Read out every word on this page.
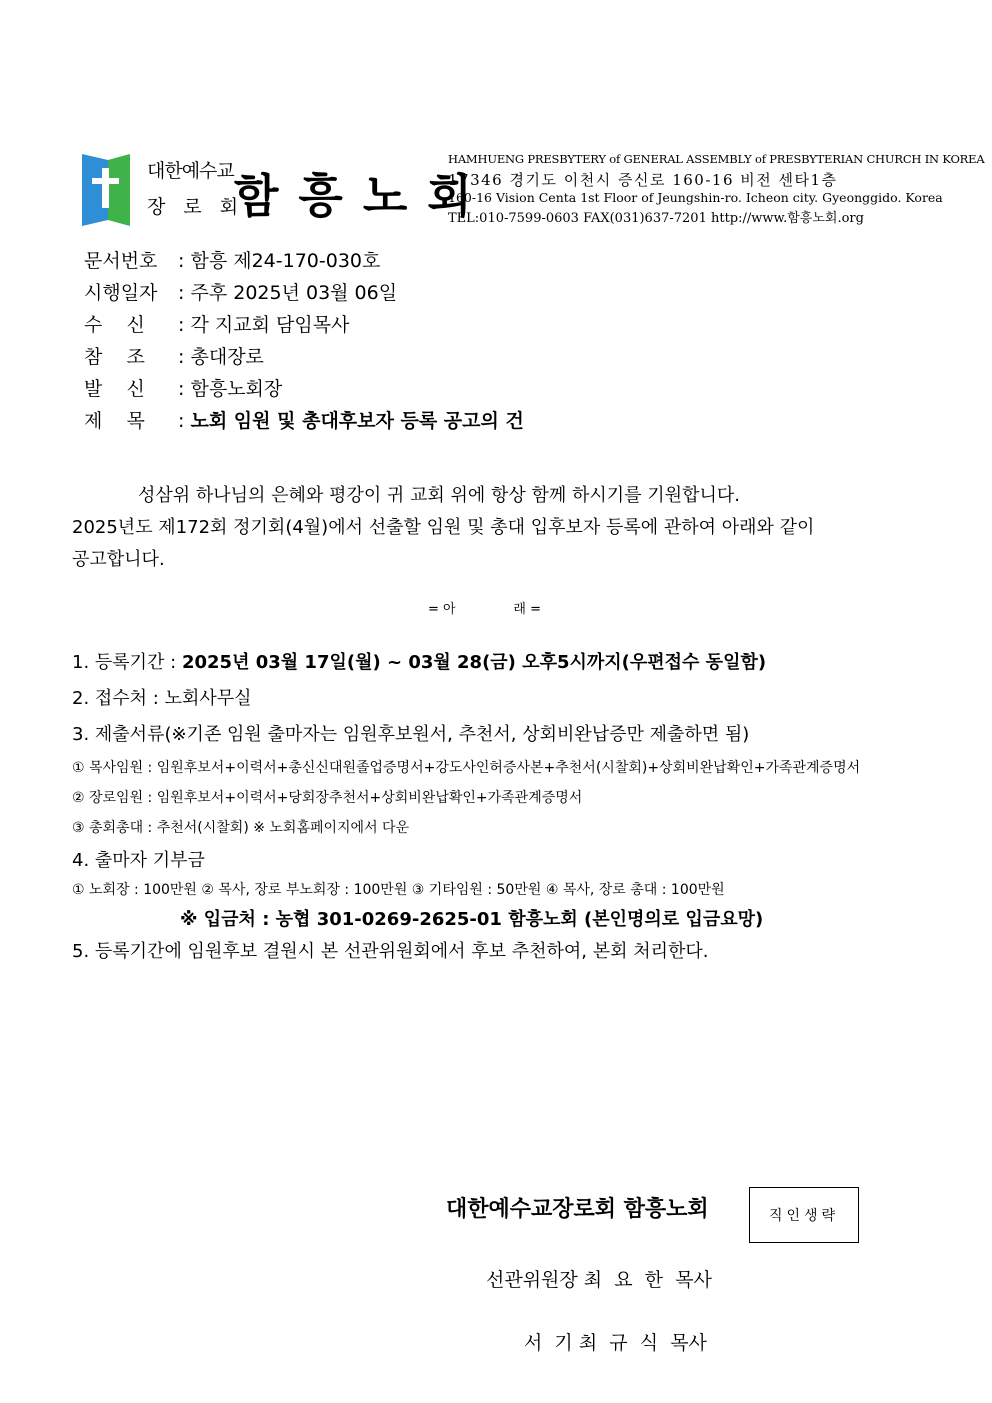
대한예수교
장 로 회
함흥노회
HAMHUENG PRESBYTERY of GENERAL ASSEMBLY of PRESBYTERIAN CHURCH IN KOREA
17346 경기도 이천시 증신로 160-16 비전 센타1층
160-16 Vision Centa 1st Floor of Jeungshin-ro. Icheon city. Gyeonggido. Korea
TEL:010-7599-0603 FAX(031)637-7201 http://www.함흥노회.org
문서번호 : 함흥 제24-170-030호
시행일자 : 주후 2025년 03월 06일
수    신 : 각 지교회 담임목사
참    조 : 총대장로
발    신 : 함흥노회장
제    목 : 노회 임원 및 총대후보자 등록 공고의 건
성삼위 하나님의 은혜와 평강이 귀 교회 위에 항상 함께 하시기를 기원합니다.
2025년도 제172회 정기회(4월)에서 선출할 임원 및 총대 입후보자 등록에 관하여 아래와 같이
공고합니다.
= 아              래 =
1. 등록기간 : 2025년 03월 17일(월) ~ 03월 28(금) 오후5시까지(우편접수 동일함)
2. 접수처 : 노회사무실
3. 제출서류(※기존 임원 출마자는 임원후보원서, 추천서, 상회비완납증만 제출하면 됨)
① 목사임원 : 임원후보서+이력서+총신신대원졸업증명서+강도사인허증사본+추천서(시찰회)+상회비완납확인+가족관계증명서
② 장로임원 : 임원후보서+이력서+당회장추천서+상회비완납확인+가족관계증명서
③ 총회총대 : 추천서(시찰회) ※ 노회홈페이지에서 다운
4. 출마자 기부금
① 노회장 : 100만원 ② 목사, 장로 부노회장 : 100만원 ③ 기타임원 : 50만원 ④ 목사, 장로 총대 : 100만원
※ 입금처 : 농협 301-0269-2625-01 함흥노회 (본인명의로 입금요망)
5. 등록기간에 임원후보 결원시 본 선관위원회에서 후보 추천하여, 본회 처리한다.
대한예수교장로회 함흥노회	직인생략
선관위원장 최  요  한  목사
서  기 최  규  식  목사
